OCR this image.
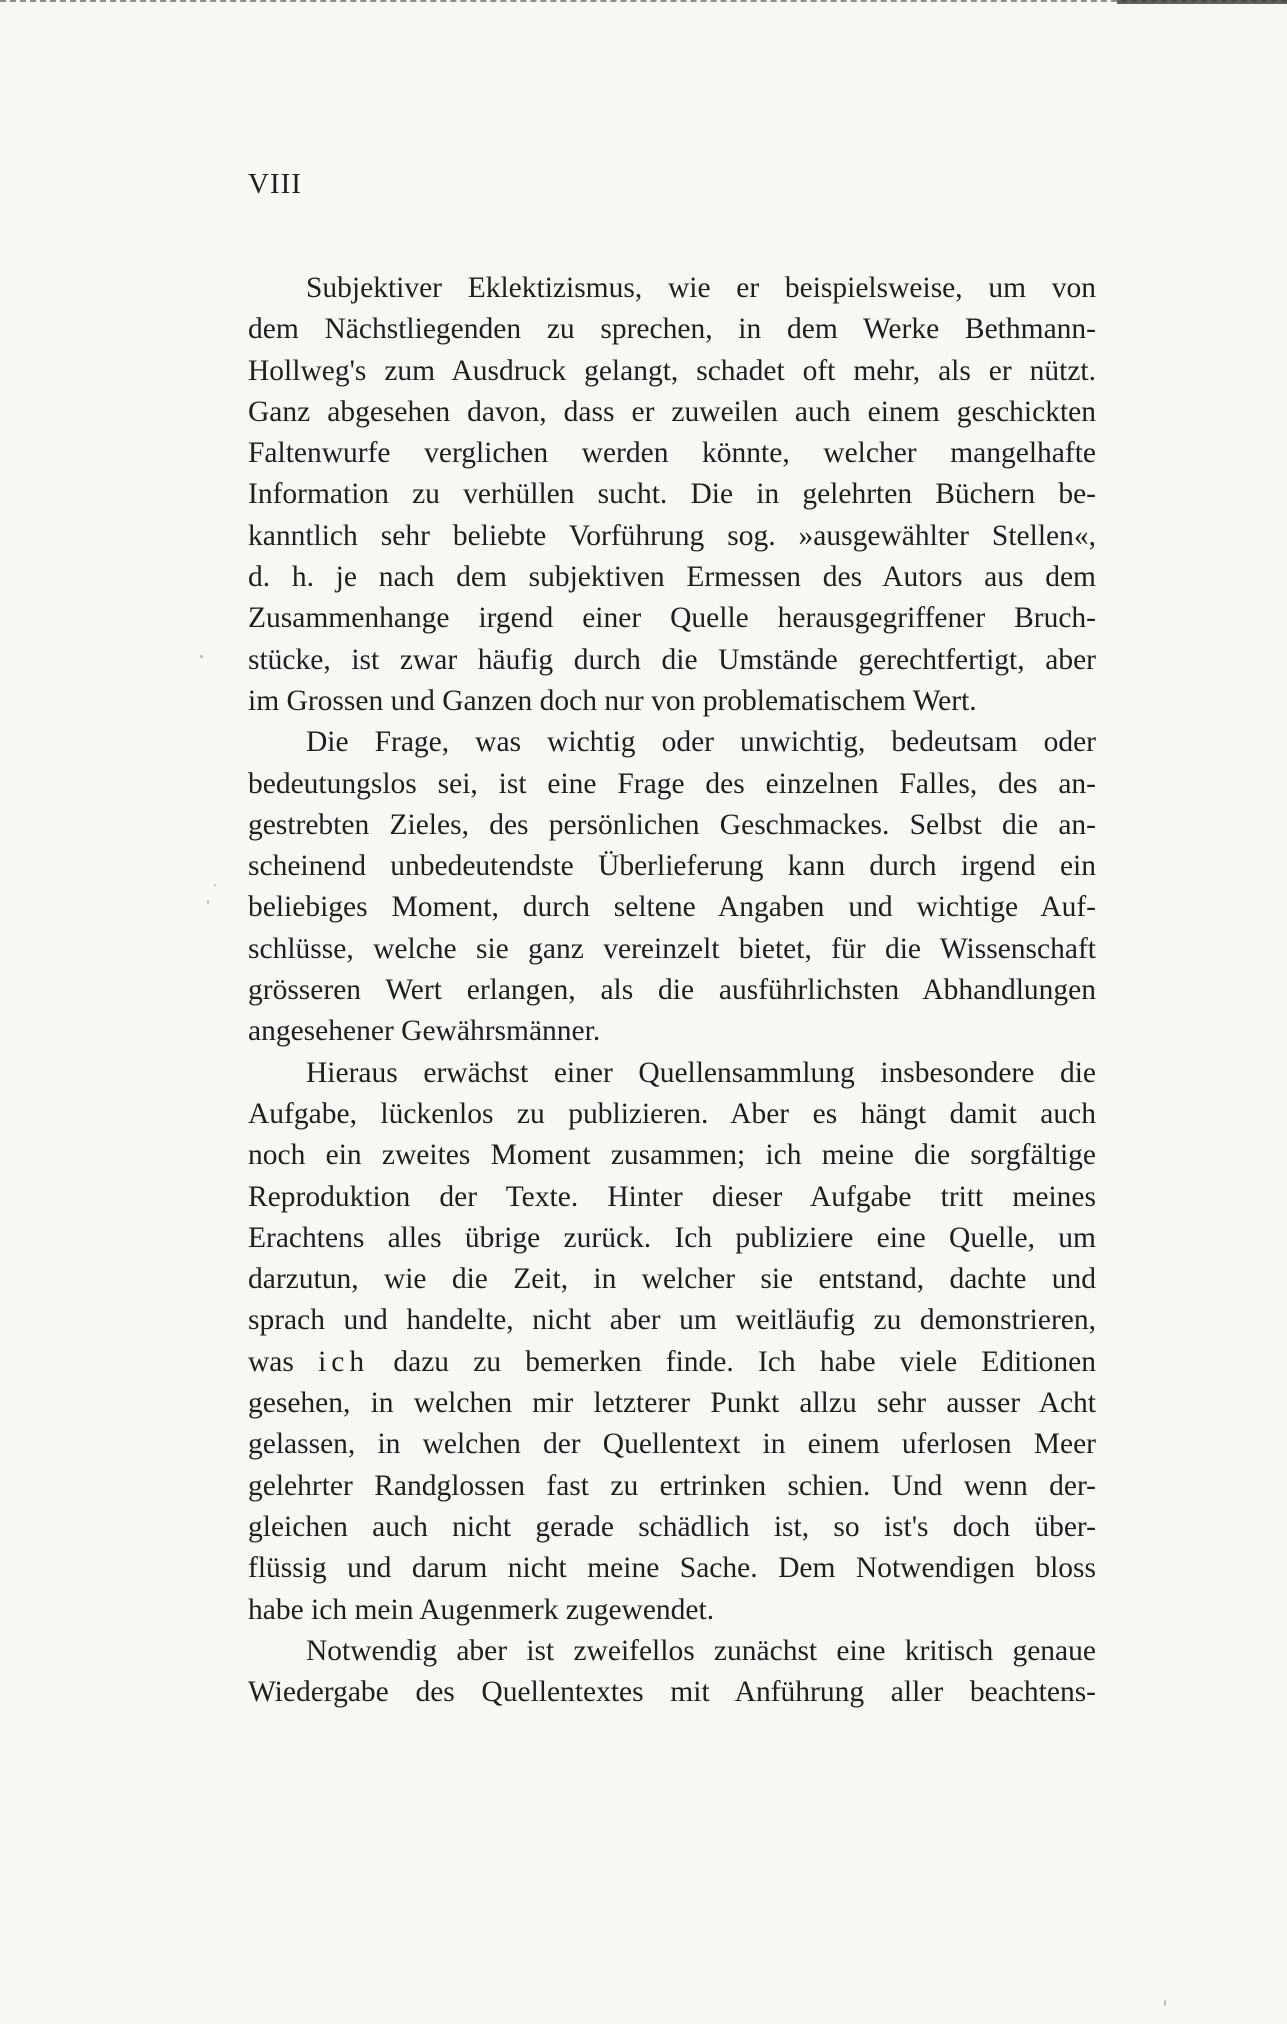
VIII
Subjektiver Eklektizismus, wie er beispielsweise, um von
dem Nächstliegenden zu sprechen, in dem Werke Bethmann-
Hollweg's zum Ausdruck gelangt, schadet oft mehr, als er nützt.
Ganz abgesehen davon, dass er zuweilen auch einem geschickten
Faltenwurfe verglichen werden könnte, welcher mangelhafte
Information zu verhüllen sucht. Die in gelehrten Büchern be-
kanntlich sehr beliebte Vorführung sog. »ausgewählter Stellen«,
d. h. je nach dem subjektiven Ermessen des Autors aus dem
Zusammenhange irgend einer Quelle herausgegriffener Bruch-
stücke, ist zwar häufig durch die Umstände gerechtfertigt, aber
im Grossen und Ganzen doch nur von problematischem Wert.
Die Frage, was wichtig oder unwichtig, bedeutsam oder
bedeutungslos sei, ist eine Frage des einzelnen Falles, des an-
gestrebten Zieles, des persönlichen Geschmackes. Selbst die an-
scheinend unbedeutendste Überlieferung kann durch irgend ein
beliebiges Moment, durch seltene Angaben und wichtige Auf-
schlüsse, welche sie ganz vereinzelt bietet, für die Wissenschaft
grösseren Wert erlangen, als die ausführlichsten Abhandlungen
angesehener Gewährsmänner.
Hieraus erwächst einer Quellensammlung insbesondere die
Aufgabe, lückenlos zu publizieren. Aber es hängt damit auch
noch ein zweites Moment zusammen; ich meine die sorgfältige
Reproduktion der Texte. Hinter dieser Aufgabe tritt meines
Erachtens alles übrige zurück. Ich publiziere eine Quelle, um
darzutun, wie die Zeit, in welcher sie entstand, dachte und
sprach und handelte, nicht aber um weitläufig zu demonstrieren,
was ich dazu zu bemerken finde. Ich habe viele Editionen
gesehen, in welchen mir letzterer Punkt allzu sehr ausser Acht
gelassen, in welchen der Quellentext in einem uferlosen Meer
gelehrter Randglossen fast zu ertrinken schien. Und wenn der-
gleichen auch nicht gerade schädlich ist, so ist's doch über-
flüssig und darum nicht meine Sache. Dem Notwendigen bloss
habe ich mein Augenmerk zugewendet.
Notwendig aber ist zweifellos zunächst eine kritisch genaue
Wiedergabe des Quellentextes mit Anführung aller beachtens-
